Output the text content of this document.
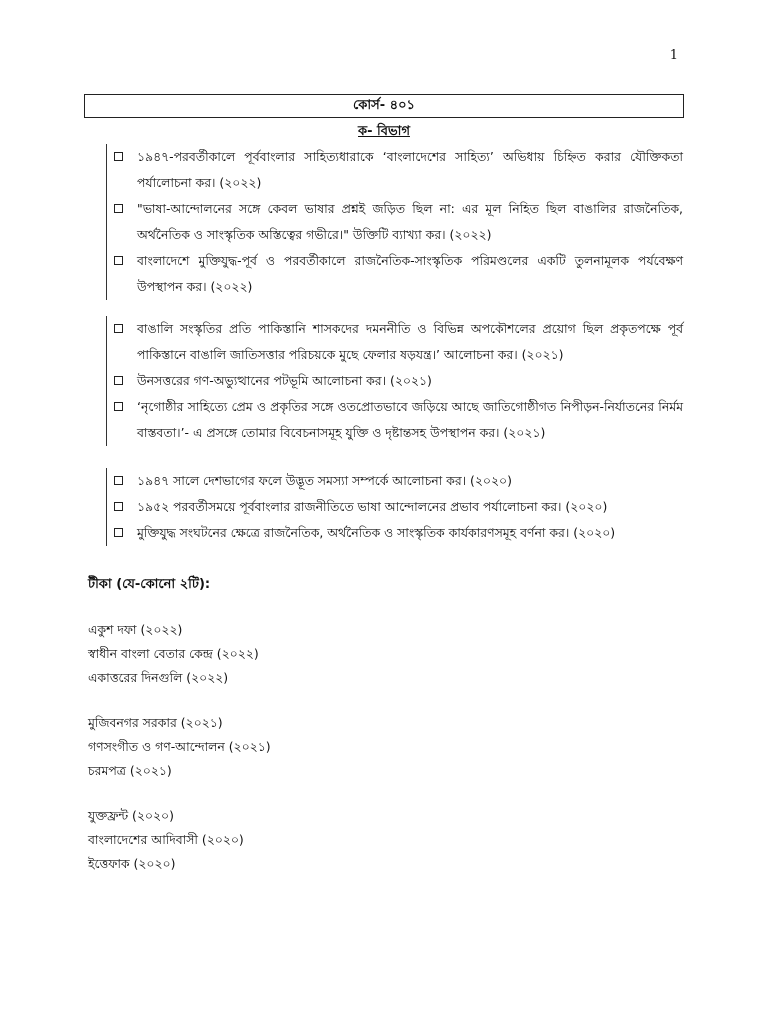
1
কোর্স- ৪০১
ক- বিভাগ
১৯৪৭-পরবর্তীকালে পূর্ববাংলার সাহিত্যধারাকে ‘বাংলাদেশের সাহিত্য’ অভিধায় চিহ্নিত করার যৌক্তিকতা পর্যালোচনা কর। (২০২২)
"ভাষা-আন্দোলনের সঙ্গে কেবল ভাষার প্রশ্নই জড়িত ছিল না: এর মূল নিহিত ছিল বাঙালির রাজনৈতিক, অর্থনৈতিক ও সাংস্কৃতিক অস্তিত্বের গভীরে।" উক্তিটি ব্যাখ্যা কর। (২০২২)
বাংলাদেশে মুক্তিযুদ্ধ-পূর্ব ও পরবর্তীকালে রাজনৈতিক-সাংস্কৃতিক পরিমণ্ডলের একটি তুলনামূলক পর্যবেক্ষণ উপস্থাপন কর। (২০২২)
বাঙালি সংস্কৃতির প্রতি পাকিস্তানি শাসকদের দমননীতি ও বিভিন্ন অপকৌশলের প্রয়োগ ছিল প্রকৃতপক্ষে পূর্ব পাকিস্তানে বাঙালি জাতিসত্তার পরিচয়কে মুছে ফেলার ষড়যন্ত্র।’ আলোচনা কর। (২০২১)
উনসত্তরের গণ-অভ্যুত্থানের পটভূমি আলোচনা কর। (২০২১)
‘নৃগোষ্ঠীর সাহিত্যে প্রেম ও প্রকৃতির সঙ্গে ওতপ্রোতভাবে জড়িয়ে আছে জাতিগোষ্ঠীগত নিপীড়ন-নির্যাতনের নির্মম বাস্তবতা।’- এ প্রসঙ্গে তোমার বিবেচনাসমূহ যুক্তি ও দৃষ্টান্তসহ উপস্থাপন কর। (২০২১)
১৯৪৭ সালে দেশভাগের ফলে উদ্ভূত সমস্যা সম্পর্কে আলোচনা কর। (২০২০)
১৯৫২ পরবর্তীসময়ে পূর্ববাংলার রাজনীতিতে ভাষা আন্দোলনের প্রভাব পর্যালোচনা কর। (২০২০)
মুক্তিযুদ্ধ সংঘটনের ক্ষেত্রে রাজনৈতিক, অর্থনৈতিক ও সাংস্কৃতিক কার্যকারণসমূহ বর্ণনা কর। (২০২০)
টীকা (যে-কোনো ২টি):
একুশ দফা (২০২২)
স্বাধীন বাংলা বেতার কেন্দ্র (২০২২)
একাত্তরের দিনগুলি (২০২২)
মুজিবনগর সরকার (২০২১)
গণসংগীত ও গণ-আন্দোলন (২০২১)
চরমপত্র (২০২১)
যুক্তফ্রন্ট (২০২০)
বাংলাদেশের আদিবাসী (২০২০)
ইত্তেফাক (২০২০)
